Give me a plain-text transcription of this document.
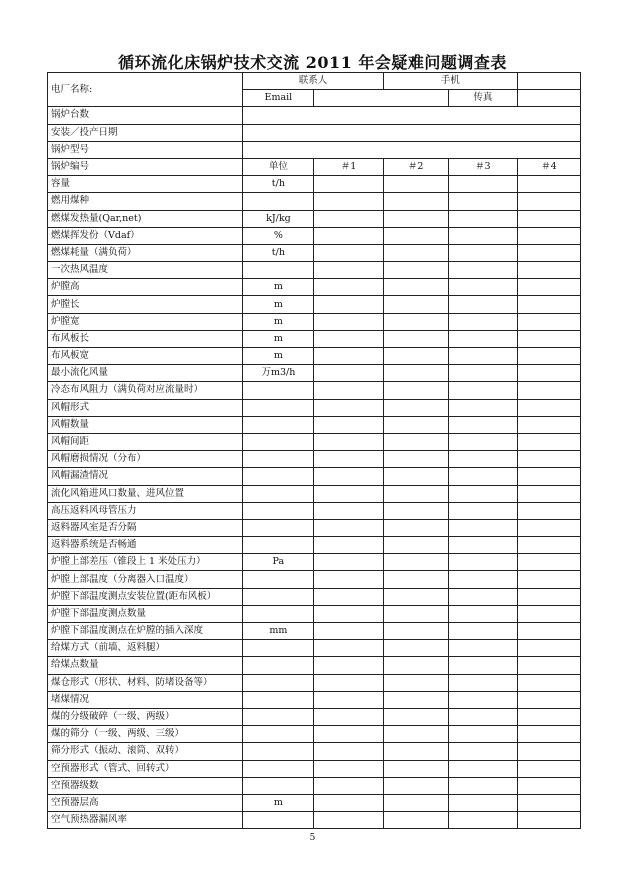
循环流化床锅炉技术交流 2011 年会疑难问题调查表
电厂名称:	联系人		手机		
	Email			传真	
锅炉台数					
安装／投产日期					
锅炉型号					
锅炉编号	单位	＃1	＃2	＃3	＃4
容量	t/h				
燃用煤种					
燃煤发热量(Qar,net)	kJ/kg				
燃煤挥发份（Vdaf）	%				
燃煤耗量（满负荷）	t/h				
一次热风温度					
炉膛高	m				
炉膛长	m				
炉膛宽	m				
布风板长	m				
布风板宽	m				
最小流化风量	万m3/h				
冷态布风阻力（满负荷对应流量时）					
风帽形式					
风帽数量					
风帽间距					
风帽磨损情况（分布）					
风帽漏渣情况					
流化风箱进风口数量、进风位置					
高压返料风母管压力					
返料器风室是否分隔					
返料器系统是否畅通					
炉膛上部差压（锥段上 1 米处压力）	Pa				
炉膛上部温度（分离器入口温度）					
炉膛下部温度测点安装位置(距布风板）					
炉膛下部温度测点数量					
炉膛下部温度测点在炉膛的插入深度	mm				
给煤方式（前墙、返料腿）					
给煤点数量					
煤仓形式（形状、材料、防堵设备等）					
堵煤情况					
煤的分级破碎（一级、两级）					
煤的筛分（一级、两级、三级）					
筛分形式（振动、滚筒、双转）					
空预器形式（管式、回转式）					
空预器级数					
空预器层高	m				
空气预热器漏风率					
5
